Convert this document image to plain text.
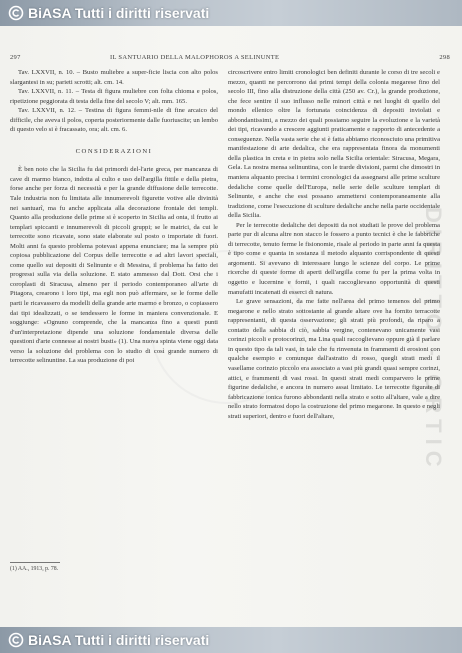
BiASA Tutti i diritti riservati
DIRITTO - ORTIC
297	IL SANTUARIO DELLA MALOPHOROS A SELINUNTE	298

Tav. LXXVII, n. 10. – Busto muliebre a super-ficie liscia con alto polos slargantesi in su; parieti scrotti; alt. cm. 14.

Tav. LXXVII, n. 11. – Testa di figura muliebre con folta chioma e polos, ripetizione peggiorata di testa della fine del secolo V; alt. mm. 165.

Tav. LXXVII, n. 12. – Testina di figura femmi-nile di fine arcaico del difficile, che aveva il polos, coperta posteriormente dalle fuoriuscite; un lembo di questo velo si è fracassato, ora; alt. cm. 6.

CONSIDERAZIONI

È ben noto che la Sicilia fu dai primordi del-l'arte greca, per mancanza di cave di marmo bianco, indotta al culto e uso dell'argilla fittile e della pietra, forse anche per forza di necessità e per la grande diffusione delle terrecotte. Tale industria non fu limitata alle innumerevoli figurette votive alle divinità nei santuarî, ma fu anche applicata alla decorazione frontale dei templi. Quanto alla produzione delle prime si è scoperto in Sicilia ad onta, il frutto ai templari spiccanti e innumerevoli di piccoli gruppi; se le matrici, da cui le terrecotte sono ricavate, sono state elaborate sul posto o importate di fuori. Molti anni fa questo problema potevasi appena enunciare; ma la sempre più copiosa pubblicazione del Corpus delle terrecotte e ad altri lavori speciali, come quello sui depositi di Selinunte e di Messina, il problema ha fatto dei progressi sulla via della soluzione. E stato ammesso dal Dott. Orsi che i coroplasti di Siracusa, almeno per il periodo contemporaneo all'arte di Pitagora, crearono i loro tipi, ma egli non può affermare, se le forme delle parti le ricavassero da modelli della grande arte marmo e bronzo, o copiassero dai tipi idealizzati, o se tendessero le forme in maniera convenzionale. E soggiunge: «Ognuno comprende, che la mancanza fino a questi punti d'un'interpretazione dipende una soluzione fondamentale diversa delle questioni d'arte connesse ai nostri busti» (1). Una nuova spinta viene oggi data verso la soluzione del problema con lo studio di così grande numero di terrecotte selinuntine. La sua produzione di poi

(1) AA., 1913, p. 78.

circoscrivere entro limiti cronologici ben definiti durante le corso di tre secoli e mezzo, quanti ne percorrono dai primi tempi della colonia megarese fino del secolo III, fino alla distruzione della città (250 av. Cr.), la grande produzione, che fece sentire il suo influsso nelle minori città e nei luoghi di quello del mondo ellenico oltre la fortunata coincidenza di depositi inviolati e abbondantissimi, a mezzo dei quali possiamo seguire la evoluzione e la varietà dei tipi, ricavando a crescere aggiunti praticamente e rapporto di antecedente a conseguenze. Nella vasta serie che si è fatta abbiamo riconosciuto una primitiva manifestazione di arte dedalica, che era rappresentata finora da monumenti della plastica in creta e in pietra solo nella Sicilia orientale: Siracusa, Megara, Gela. La nostra mensa selinuntina, con le trarde divisioni, parmi che dimostri in maniera alquanto precisa i termini cronologici da assegnarsi alle prime sculture dedaliche come quelle dell'Europa, nelle serie delle sculture templari di Selinunte, e anche che essi possano ammettersi contemporaneamente alla tradizione, come l'esecuzione di sculture dedaliche anche nella parte occidentale della Sicilia.

Per le terrecotte dedaliche dei depositi da noi studiati le prove del problema parte pur di alcuna altre non stacco le fossero a punto tecnici è che le fabbriche di terrecotte, tenuto ferme le fisionomie, risale al periodo in parte anni fa questa è tipo come e quanta in sostanza il metodo alquanto corrispondente di questi argomenti. Si avevano di interessare lungo le scienze del corpo. Le prime ricerche di queste forme di aperti dell'argilla come fu per la prima volta in oggetto e lucernine e fornii, i quali raccoglievano opportunità di questi manufatti incatenati di esserci di natura.

Le grave sensazioni, da me fatte nell'area del primo temenos del primo megarone e nello strato sottostante al grande altare ove ha fornito terracotte rappresentanti, di questa osservazione; gli strati più profondi, da riparo a contatto della sabbia di ciò, sabbia vergine, contenevano unicamente vasi corinzi piccoli e protocorinzi, ma Lina quali raccoglievano oppure già il parlare in questo tipo da tali vasi, in tale che fu rinvenuta in frammenti di erosioni con qualche esempio e comunque dall'astratto di rosso, quegli strati medi il vasellame corinzio piccolo era associato a vasi più grandi quasi sempre corinzi, attici, e frammenti di vasi rossi. In questi strati medi comparvero le prime figurine dedaliche, e ancora in numero assai limitato. Le terrecotte figurate di fabbricazione ionica furono abbondanti nella strato e sotto all'altare, vale a dire nello strato formatosi dopo la costruzione del primo megarone. In questo e negli strati superiori, dentro e fuori dell'altare,

BiASA Tutti i diritti riservati
